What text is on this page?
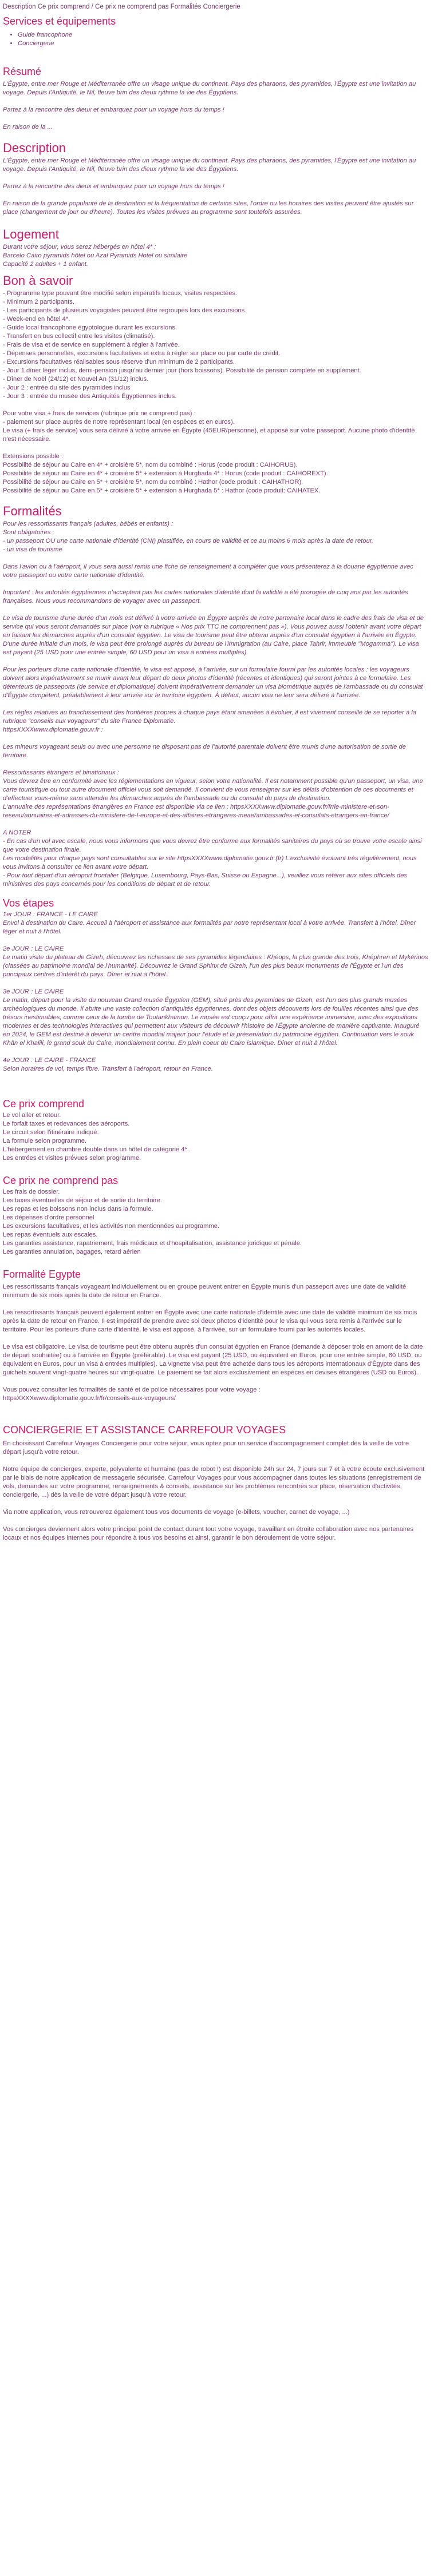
Description Ce prix comprend / Ce prix ne comprend pas Formalités Conciergerie
Services et équipements
• Guide francophone
• Conciergerie
Résumé

L'Égypte, entre mer Rouge et Méditerranée offre un visage unique du continent. Pays des pharaons, des pyramides, l'Égypte est une invitation au voyage. Depuis l'Antiquité, le Nil, fleuve brin des dieux rythme la vie des Égyptiens.

Partez à la rencontre des dieux et embarquez pour un voyage hors du temps !

En raison de la ...

Description

L'Égypte, entre mer Rouge et Méditerranée offre un visage unique du continent. Pays des pharaons, des pyramides, l'Égypte est une invitation au voyage. Depuis l'Antiquité, le Nil, fleuve brin des dieux rythme la vie des Égyptiens.

Partez à la rencontre des dieux et embarquez pour un voyage hors du temps !

En raison de la grande popularité de la destination et la fréquentation de certains sites, l'ordre ou les horaires des visites peuvent être ajustés sur place (changement de jour ou d'heure). Toutes les visites prévues au programme sont toutefois assurées.

Logement

Durant votre séjour, vous serez hébergés en hôtel 4* :
Barcelo Cairo pyramids hôtel ou Azal Pyramids Hotel ou similaire
Capacité 2 adultes + 1 enfant.

Bon à savoir

- Programme type pouvant être modifié selon impératifs locaux, visites respectées.
- Minimum 2 participants.
- Les participants de plusieurs voyagistes peuvent être regroupés lors des excursions.
- Week-end en hôtel 4*.
- Guide local francophone égyptologue durant les excursions.
- Transfert en bus collectif entre les visites (climatisé).
- Frais de visa et de service en supplément à régler à l'arrivée.
- Dépenses personnelles, excursions facultatives et extra à régler sur place ou par carte de crédit.
- Excursions facultatives réalisables sous réserve d'un minimum de 2 participants.
- Jour 1 dîner léger inclus, demi-pension jusqu'au dernier jour (hors boissons). Possibilité de pension complète en supplément.
- Dîner de Noël (24/12) et Nouvel An (31/12) inclus.
- Jour 2 : entrée du site des pyramides inclus
- Jour 3 : entrée du musée des Antiquités Égyptiennes inclus.

Pour votre visa + frais de services (rubrique prix ne comprend pas) :
- paiement sur place auprès de notre représentant local (en espèces et en euros).
Le visa (+ frais de service) vous sera délivré à votre arrivée en Égypte (45EUR/personne), et apposé sur votre passeport. Aucune photo d'identité n'est nécessaire.

Extensions possible :
Possibilité de séjour au Caire en 4* + croisière 5*, nom du combiné : Horus (code produit : CAIHORUS).
Possibilité de séjour au Caire en 4* + croisière 5* + extension à Hurghada 4* : Horus (code produit : CAIHOREXT).
Possibilité de séjour au Caire en 5* + croisière 5*, nom du combiné : Hathor (code produit : CAIHATHOR).
Possibilité de séjour au Caire en 5* + croisière 5* + extension à Hurghada 5* : Hathor (code produit: CAIHATEX.

Formalités

Pour les ressortissants français (adultes, bébés et enfants) :
Sont obligatoires :
- un passeport OU une carte nationale d'identité (CNI) plastifiée, en cours de validité et ce au moins 6 mois après la date de retour,
- un visa de tourisme

Dans l'avion ou à l'aéroport, il vous sera aussi remis une fiche de renseignement à compléter que vous présenterez à la douane égyptienne avec votre passeport ou votre carte nationale d'identité.

Important : les autorités égyptiennes n'acceptent pas les cartes nationales d'identité dont la validité a été prorogée de cinq ans par les autorités françaises. Nous vous recommandons de voyager avec un passeport.

Le visa de tourisme d'une durée d'un mois est délivré à votre arrivée en Égypte auprès de notre partenaire local dans le cadre des frais de visa et de service qui vous seront demandés sur place (voir la rubrique « Nos prix TTC ne comprennent pas »). Vous pouvez aussi l'obtenir avant votre départ en faisant les démarches auprès d'un consulat égyptien. Le visa de tourisme peut être obtenu auprès d'un consulat égyptien à l'arrivée en Égypte. D'une durée initiale d'un mois, le visa peut être prolongé auprès du bureau de l'immigration (au Caire, place Tahrir, immeuble "Mogamma"). Le visa est payant (25 USD pour une entrée simple, 60 USD pour un visa à entrées multiples).

Pour les porteurs d'une carte nationale d'identité, le visa est apposé, à l'arrivée, sur un formulaire fourni par les autorités locales : les voyageurs doivent alors impérativement se munir avant leur départ de deux photos d'identité (récentes et identiques) qui seront jointes à ce formulaire. Les détenteurs de passeports (de service et diplomatique) doivent impérativement demander un visa biométrique auprès de l'ambassade ou du consulat d'Égypte compétent, préalablement à leur arrivée sur le territoire égyptien. À défaut, aucun visa ne leur sera délivré à l'arrivée.

Les règles relatives au franchissement des frontières propres à chaque pays étant amenées à évoluer, il est vivement conseillé de se reporter à la rubrique "conseils aux voyageurs" du site France Diplomatie.
httpsXXXXwww.diplomatie.gouv.fr :

Les mineurs voyageant seuls ou avec une personne ne disposant pas de l'autorité parentale doivent être munis d'une autorisation de sortie de territoire.

Ressortissants étrangers et binationaux :
Vous devrez être en conformité avec les réglementations en vigueur, selon votre nationalité. Il est notamment possible qu'un passeport, un visa, une carte touristique ou tout autre document officiel vous soit demandé. Il convient de vous renseigner sur les délais d'obtention de ces documents et d'effectuer vous-même sans attendre les démarches auprès de l'ambassade ou du consulat du pays de destination.
L'annuaire des représentations étrangères en France est disponible via ce lien : httpsXXXXwww.diplomatie.gouv.fr/fr/le-ministere-et-son-reseau/annuaires-et-adresses-du-ministere-de-l-europe-et-des-affaires-etrangeres-meae/ambassades-et-consulats-etrangers-en-france/

A NOTER
- En cas d'un vol avec escale, nous vous informons que vous devrez être conforme aux formalités sanitaires du pays où se trouve votre escale ainsi que votre destination finale.
Les modalités pour chaque pays sont consultables sur le site httpsXXXXwww.diplomatie.gouv.fr (fr) L'exclusivité évoluant très régulièrement, nous vous invitons à consulter ce lien avant votre départ.
- Pour tout départ d'un aéroport frontalier (Belgique, Luxembourg, Pays-Bas, Suisse ou Espagne...), veuillez vous référer aux sites officiels des ministères des pays concernés pour les conditions de départ et de retour.

Vos étapes

1er JOUR : FRANCE - LE CAIRE
Envol à destination du Caire. Accueil à l'aéroport et assistance aux formalités par notre représentant local à votre arrivée. Transfert à l'hôtel. Dîner léger et nuit à l'hôtel.

2e JOUR : LE CAIRE
Le matin visite du plateau de Gizeh, découvrez les richesses de ses pyramides légendaires : Khéops, la plus grande des trois, Khéphren et Mykérinos (classées au patrimoine mondial de l'humanité). Découvrez le Grand Sphinx de Gizeh, l'un des plus beaux monuments de l'Égypte et l'un des principaux centres d'intérêt du pays. Dîner et nuit à l'hôtel.

3e JOUR : LE CAIRE
Le matin, départ pour la visite du nouveau Grand musée Égyptien (GEM), situé près des pyramides de Gizeh, est l'un des plus grands musées archéologiques du monde. Il abrite une vaste collection d'antiquités égyptiennes, dont des objets découverts lors de fouilles récentes ainsi que des trésors inestimables, comme ceux de la tombe de Toutankhamon. Le musée est conçu pour offrir une expérience immersive, avec des expositions modernes et des technologies interactives qui permettent aux visiteurs de découvrir l'histoire de l'Égypte ancienne de manière captivante. Inauguré en 2024, le GEM est destiné à devenir un centre mondial majeur pour l'étude et la préservation du patrimoine égyptien. Continuation vers le souk Khân el Khalili, le grand souk du Caire, mondialement connu. En plein coeur du Caire islamique. Dîner et nuit à l'hôtel.

4e JOUR : LE CAIRE - FRANCE
Selon horaires de vol, temps libre. Transfert à l'aéroport, retour en France.

Ce prix comprend

Le vol aller et retour.
Le forfait taxes et redevances des aéroports.
Le circuit selon l'itinéraire indiqué.
La formule selon programme.
L'hébergement en chambre double dans un hôtel de catégorie 4*.
Les entrées et visites prévues selon programme.

Ce prix ne comprend pas

Les frais de dossier.
Les taxes éventuelles de séjour et de sortie du territoire.
Les repas et les boissons non inclus dans la formule.
Les dépenses d'ordre personnel
Les excursions facultatives, et les activités non mentionnées au programme.
Les repas éventuels aux escales.
Les garanties assistance, rapatriement, frais médicaux et d'hospitalisation, assistance juridique et pénale.
Les garanties annulation, bagages, retard aérien

Formalité Egypte

Les ressortissants français voyageant individuellement ou en groupe peuvent entrer en Égypte munis d'un passeport avec une date de validité minimum de six mois après la date de retour en France.

Les ressortissants français peuvent également entrer en Égypte avec une carte nationale d'identité avec une date de validité minimum de six mois après la date de retour en France. Il est impératif de prendre avec soi deux photos d'identité pour le visa qui vous sera remis à l'arrivée sur le territoire. Pour les porteurs d'une carte d'identité, le visa est apposé, à l'arrivée, sur un formulaire fourni par les autorités locales.

Le visa est obligatoire. Le visa de tourisme peut être obtenu auprès d'un consulat égyptien en France (demande à déposer trois en amont de la date de départ souhaitée) ou à l'arrivée en Égypte (préférable). Le visa est payant (25 USD, ou équivalent en Euros, pour une entrée simple, 60 USD, ou équivalent en Euros, pour un visa à entrées multiples). La vignette visa peut être achetée dans tous les aéroports internationaux d'Égypte dans des guichets souvent vingt-quatre heures sur vingt-quatre. Le paiement se fait alors exclusivement en espèces en devises étrangères (USD ou Euros).

Vous pouvez consulter les formalités de santé et de police nécessaires pour votre voyage :
httpsXXXXwww.diplomatie.gouv.fr/fr/conseils-aux-voyageurs/

CONCIERGERIE ET ASSISTANCE CARREFOUR VOYAGES

En choisissant Carrefour Voyages Conciergerie pour votre séjour, vous optez pour un service d'accompagnement complet dès la veille de votre départ jusqu'à votre retour.

Notre équipe de concierges, experte, polyvalente et humaine (pas de robot !) est disponible 24h sur 24, 7 jours sur 7 et à votre écoute exclusivement par le biais de notre application de messagerie sécurisée. Carrefour Voyages pour vous accompagner dans toutes les situations (enregistrement de vols, demandes sur votre programme, renseignements & conseils, assistance sur les problèmes rencontrés sur place, réservation d'activités, conciergerie, ...) dès la veille de votre départ jusqu'à votre retour.

Via notre application, vous retrouverez également tous vos documents de voyage (e-billets, voucher, carnet de voyage, ...)

Vos concierges deviennent alors votre principal point de contact durant tout votre voyage, travaillant en étroite collaboration avec nos partenaires locaux et nos équipes internes pour répondre à tous vos besoins et ainsi, garantir le bon déroulement de votre séjour.
